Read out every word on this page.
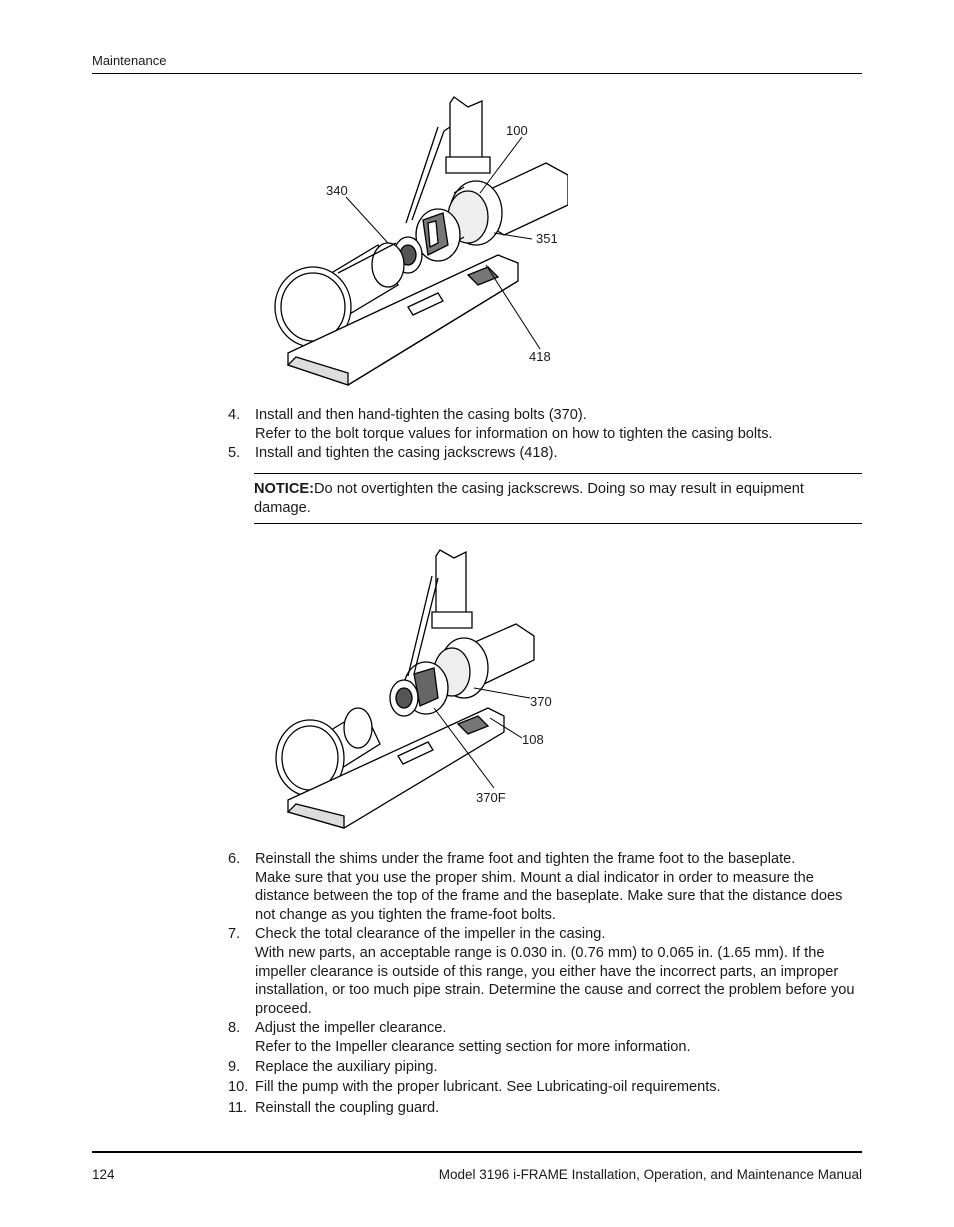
Maintenance
100
340
351
418
4. Install and then hand-tighten the casing bolts (370).
Refer to the bolt torque values for information on how to tighten the casing bolts.
5. Install and tighten the casing jackscrews (418).
NOTICE:Do not overtighten the casing jackscrews. Doing so may result in equipment damage.
370
108
370F
6. Reinstall the shims under the frame foot and tighten the frame foot to the baseplate.
Make sure that you use the proper shim. Mount a dial indicator in order to measure the distance between the top of the frame and the baseplate. Make sure that the distance does not change as you tighten the frame-foot bolts.
7. Check the total clearance of the impeller in the casing.
With new parts, an acceptable range is 0.030 in. (0.76 mm) to 0.065 in. (1.65 mm). If the impeller clearance is outside of this range, you either have the incorrect parts, an improper installation, or too much pipe strain. Determine the cause and correct the problem before you proceed.
8. Adjust the impeller clearance.
Refer to the Impeller clearance setting section for more information.
9. Replace the auxiliary piping.
10. Fill the pump with the proper lubricant. See Lubricating-oil requirements.
11. Reinstall the coupling guard.
124	Model 3196 i-FRAME Installation, Operation, and Maintenance Manual
